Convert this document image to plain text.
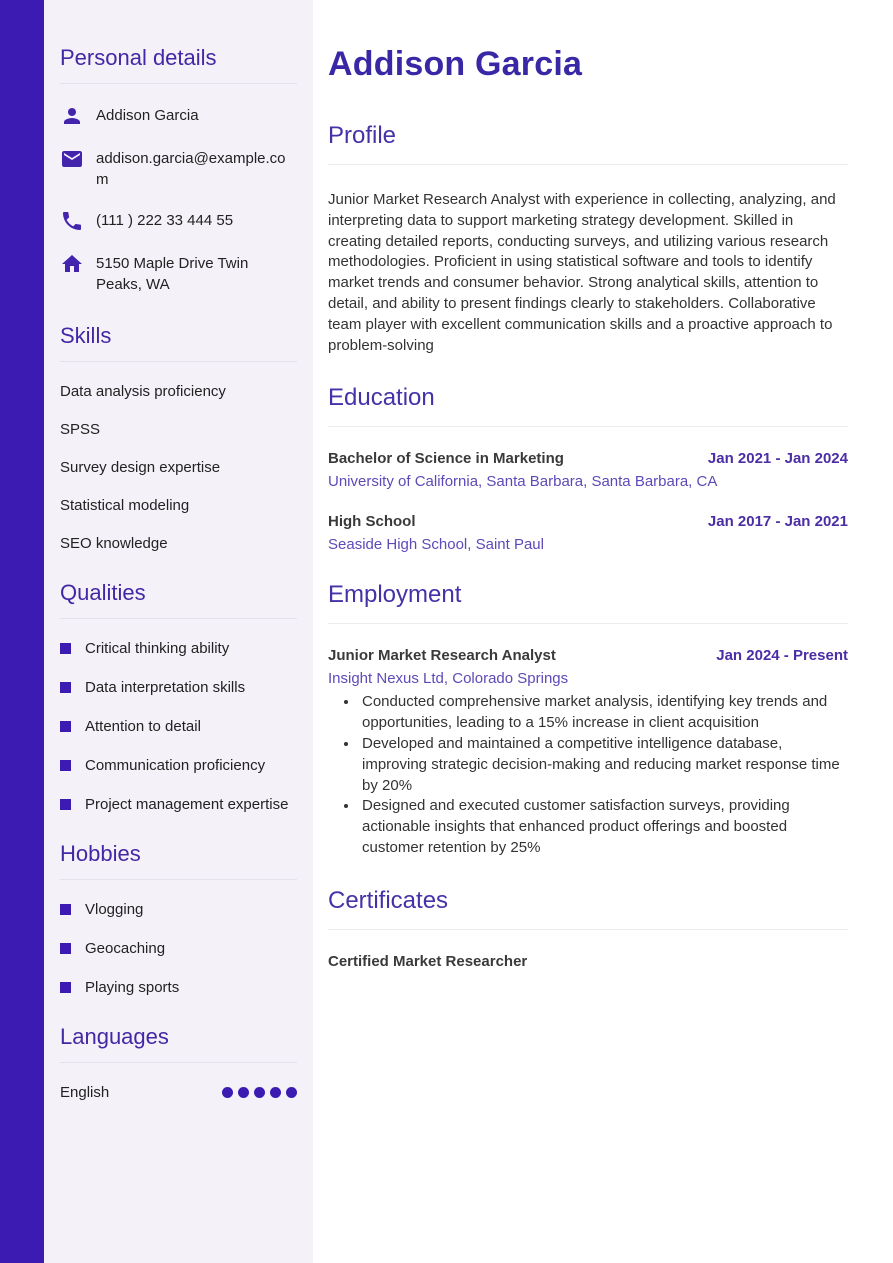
Personal details
Addison Garcia
addison.garcia@example.com
(111 ) 222 33 444 55
5150 Maple Drive Twin Peaks, WA
Skills
Data analysis proficiency
SPSS
Survey design expertise
Statistical modeling
SEO knowledge
Qualities
Critical thinking ability
Data interpretation skills
Attention to detail
Communication proficiency
Project management expertise
Hobbies
Vlogging
Geocaching
Playing sports
Languages
English
Addison Garcia
Profile

Junior Market Research Analyst with experience in collecting, analyzing, and interpreting data to support marketing strategy development. Skilled in creating detailed reports, conducting surveys, and utilizing various research methodologies. Proficient in using statistical software and tools to identify market trends and consumer behavior. Strong analytical skills, attention to detail, and ability to present findings clearly to stakeholders. Collaborative team player with excellent communication skills and a proactive approach to problem-solving

Education
Bachelor of Science in Marketing	Jan 2021 - Jan 2024
University of California, Santa Barbara, Santa Barbara, CA
High School	Jan 2017 - Jan 2021
Seaside High School, Saint Paul
Employment
Junior Market Research Analyst	Jan 2024 - Present
Insight Nexus Ltd, Colorado Springs
• Conducted comprehensive market analysis, identifying key trends and opportunities, leading to a 15% increase in client acquisition
• Developed and maintained a competitive intelligence database, improving strategic decision-making and reducing market response time by 20%
• Designed and executed customer satisfaction surveys, providing actionable insights that enhanced product offerings and boosted customer retention by 25%
Certificates
Certified Market Researcher
